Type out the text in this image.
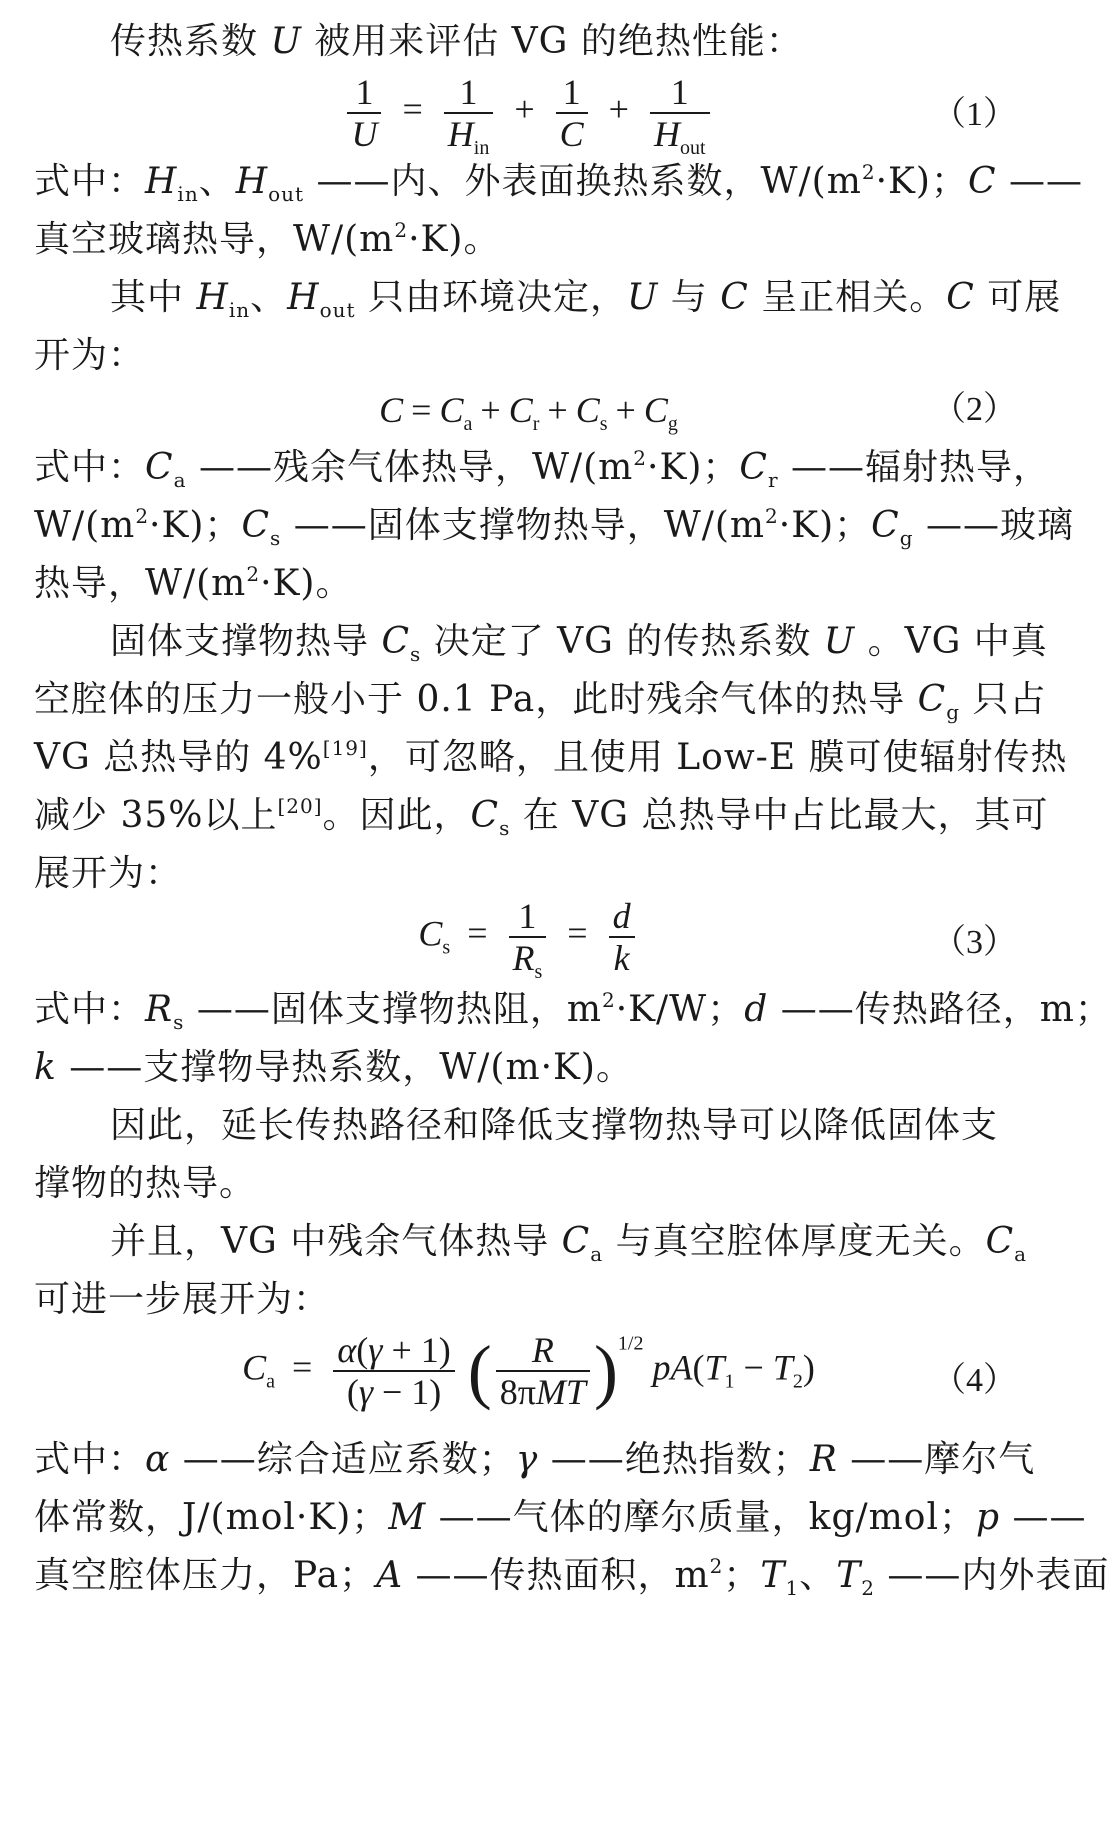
传热系数 U 被用来评估 VG 的绝热性能：
$\frac{1}{U} = \frac{1}{H_{in}} + \frac{1}{C} + \frac{1}{H_{out}}$	（1）
式中：$H_{in}$、$H_{out}$ ——内、外表面换热系数，$W/(m^2\cdot K)$；C ——
真空玻璃热导，$W/(m^2\cdot K)$。
其中 $H_{in}$、$H_{out}$ 只由环境决定，U 与 C 呈正相关。C 可展
开为：
$C = C_a + C_r + C_s + C_g$	（2）
式中：$C_a$ ——残余气体热导，$W/(m^2\cdot K)$；$C_r$ ——辐射热导，
$W/(m^2\cdot K)$；$C_s$ ——固体支撑物热导，$W/(m^2\cdot K)$；$C_g$ ——玻璃
热导，$W/(m^2\cdot K)$。
固体支撑物热导 $C_s$ 决定了 VG 的传热系数 U 。VG 中真
空腔体的压力一般小于 0.1 Pa，此时残余气体的热导 $C_g$ 只占
VG 总热导的 4%[19]，可忽略，且使用 Low-E 膜可使辐射传热
减少 35%以上[20]。因此，$C_s$ 在 VG 总热导中占比最大，其可
展开为：
$C_s = \frac{1}{R_s} = \frac{d}{k}$	（3）
式中：$R_s$ ——固体支撑物热阻，$m^2\cdot K/W$；d ——传热路径，m；
k ——支撑物导热系数，W/(m·K)。
因此，延长传热路径和降低支撑物热导可以降低固体支
撑物的热导。
并且，VG 中残余气体热导 $C_a$ 与真空腔体厚度无关。$C_a$
可进一步展开为：
$C_a = \frac{\alpha(\gamma + 1)}{(\gamma - 1)}$ ( $\frac{R}{\text{8πMT}} )^{1/2}$ $pA(T_1 - T_2)$	（4）
式中：α ——综合适应系数；γ ——绝热指数；R ——摩尔气
体常数，J/(mol·K)；M ——气体的摩尔质量，kg/mol；p ——
真空腔体压力，Pa；A ——传热面积，$m^2$；$T_1$、$T_2$ ——内外表面
